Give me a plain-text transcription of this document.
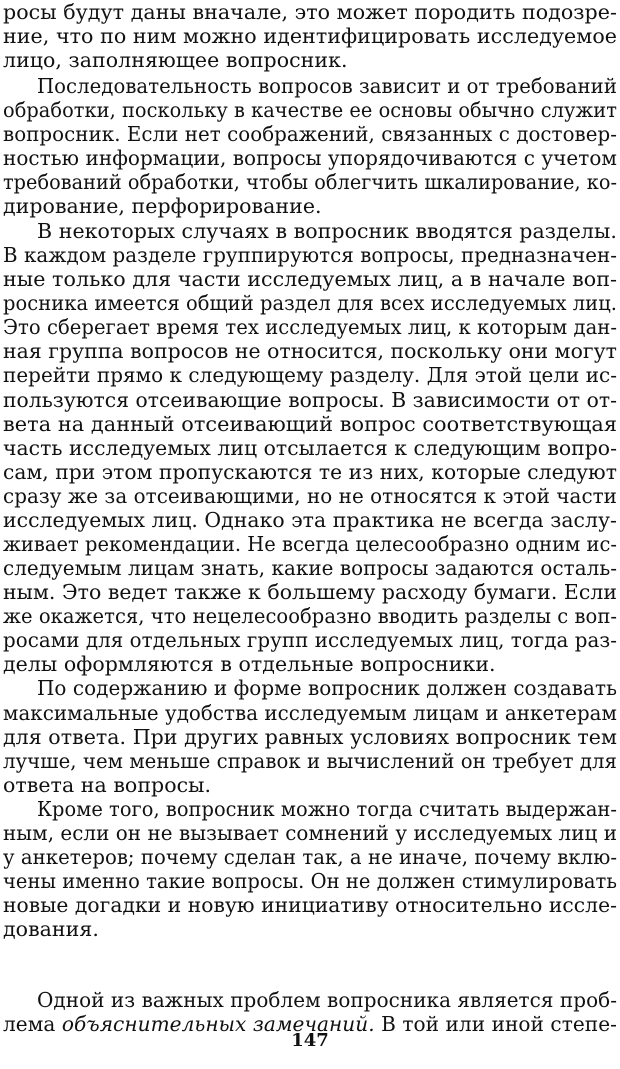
росы будут даны вначале, это может породить подозре-
ние, что по ним можно идентифицировать исследуемое
лицо, заполняющее вопросник.
Последовательность вопросов зависит и от требований
обработки, поскольку в качестве ее основы обычно служит
вопросник. Если нет соображений, связанных с достовер-
ностью информации, вопросы упорядочиваются с учетом
требований обработки, чтобы облегчить шкалирование, ко-
дирование, перфорирование.
В некоторых случаях в вопросник вводятся разделы.
В каждом разделе группируются вопросы, предназначен-
ные только для части исследуемых лиц, а в начале воп-
росника имеется общий раздел для всех исследуемых лиц.
Это сберегает время тех исследуемых лиц, к которым дан-
ная группа вопросов не относится, поскольку они могут
перейти прямо к следующему разделу. Для этой цели ис-
пользуются отсеивающие вопросы. В зависимости от от-
вета на данный отсеивающий вопрос соответствующая
часть исследуемых лиц отсылается к следующим вопро-
сам, при этом пропускаются те из них, которые следуют
сразу же за отсеивающими, но не относятся к этой части
исследуемых лиц. Однако эта практика не всегда заслу-
живает рекомендации. Не всегда целесообразно одним ис-
следуемым лицам знать, какие вопросы задаются осталь-
ным. Это ведет также к большему расходу бумаги. Если
же окажется, что нецелесообразно вводить разделы с воп-
росами для отдельных групп исследуемых лиц, тогда раз-
делы оформляются в отдельные вопросники.
По содержанию и форме вопросник должен создавать
максимальные удобства исследуемым лицам и анкетерам
для ответа. При других равных условиях вопросник тем
лучше, чем меньше справок и вычислений он требует для
ответа на вопросы.
Кроме того, вопросник можно тогда считать выдержан-
ным, если он не вызывает сомнений у исследуемых лиц и
у анкетеров; почему сделан так, а не иначе, почему вклю-
чены именно такие вопросы. Он не должен стимулировать
новые догадки и новую инициативу относительно иссле-
дования.
Одной из важных проблем вопросника является проб-
лема объяснительных замечаний. В той или иной степе-
147
